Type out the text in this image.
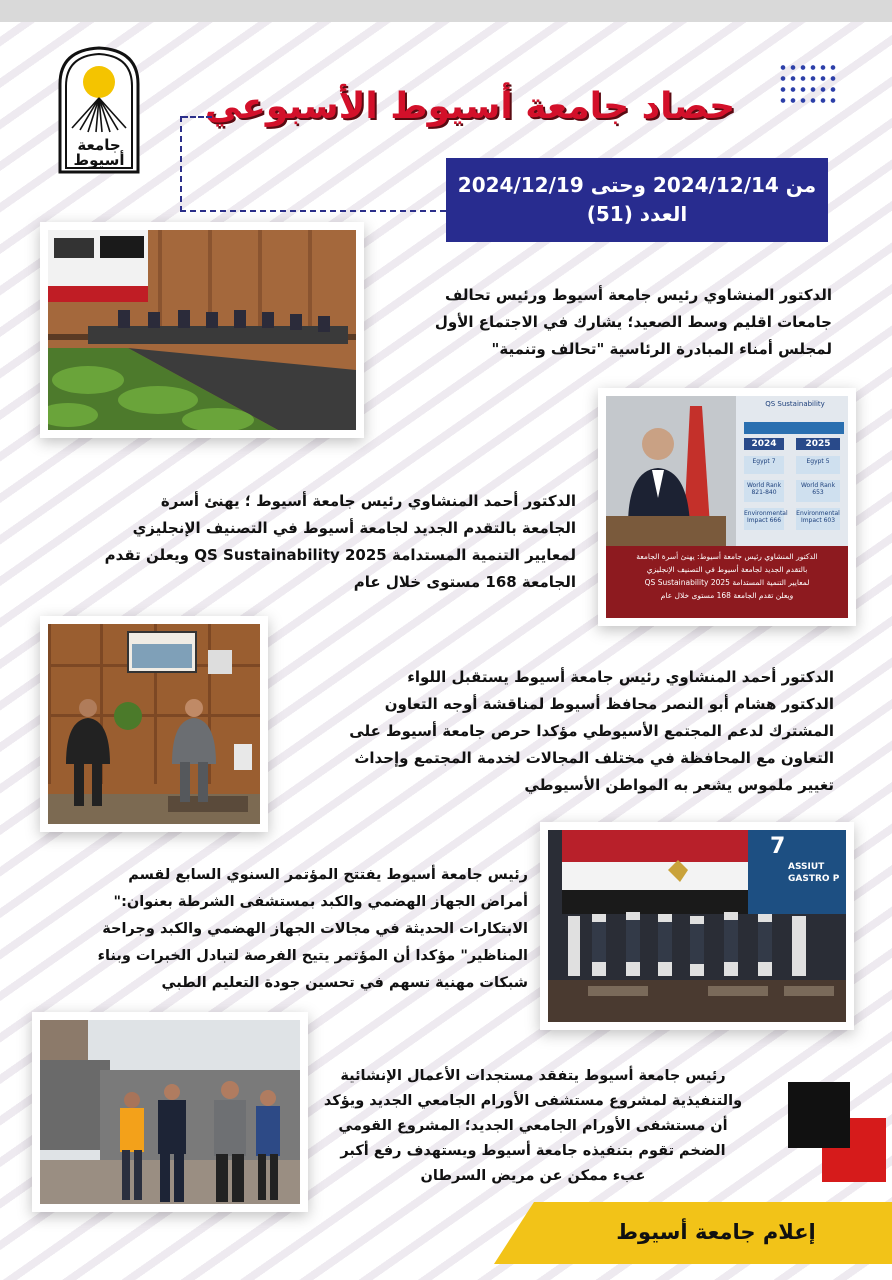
جامعة
أسيوط
حصاد جامعة أسيوط الأسبوعي
من 2024/12/14 وحتى 2024/12/19
العدد (51)
الدكتور المنشاوي رئيس جامعة أسيوط ورئيس تحالف
جامعات اقليم وسط الصعيد؛ يشارك في الاجتماع الأول
لمجلس أمناء المبادرة الرئاسية "تحالف وتنمية"
QS Sustainability
2024	2025
Egypt 7	Egypt 5
World Rank 821-840
World Rank 653
Environmental Impact 666
Environmental Impact 603
الدكتور المنشاوي رئيس جامعة أسيوط: يهنئ أسرة الجامعة
بالتقدم الجديد لجامعة أسيوط في التصنيف الإنجليزي
لمعايير التنمية المستدامة QS Sustainability 2025
ويعلن تقدم الجامعة 168 مستوى خلال عام
الدكتور أحمد المنشاوي رئيس جامعة أسيوط ؛ يهنئ أسرة
الجامعة بالتقدم الجديد لجامعة أسيوط في التصنيف الإنجليزي
لمعايير التنمية المستدامة QS Sustainability 2025 ويعلن تقدم
الجامعة 168 مستوى خلال عام
الدكتور أحمد المنشاوي رئيس جامعة أسيوط يستقبل اللواء
الدكتور هشام أبو النصر محافظ أسيوط لمناقشة أوجه التعاون
المشترك لدعم المجتمع الأسيوطي مؤكدا حرص جامعة أسيوط على
التعاون مع المحافظة في مختلف المجالات لخدمة المجتمع وإحداث
تغيير ملموس يشعر به المواطن الأسيوطي
7
ASSIUT
GASTRO P
رئيس جامعة أسيوط يفتتح المؤتمر السنوي السابع لقسم
أمراض الجهاز الهضمي والكبد بمستشفى الشرطة بعنوان:"
الابتكارات الحديثة في مجالات الجهاز الهضمي والكبد وجراحة
المناظير" مؤكدا أن المؤتمر يتيح الفرصة لتبادل الخبرات وبناء
شبكات مهنية تسهم في تحسين جودة التعليم الطبي
رئيس جامعة أسيوط يتفقد مستجدات الأعمال الإنشائية
والتنفيذية لمشروع مستشفى الأورام الجامعي الجديد ويؤكد
أن مستشفى الأورام الجامعي الجديد؛ المشروع القومي
الضخم تقوم بتنفيذه جامعة أسيوط ويستهدف رفع أكبر
عبء ممكن عن مريض السرطان
إعلام جامعة أسيوط
